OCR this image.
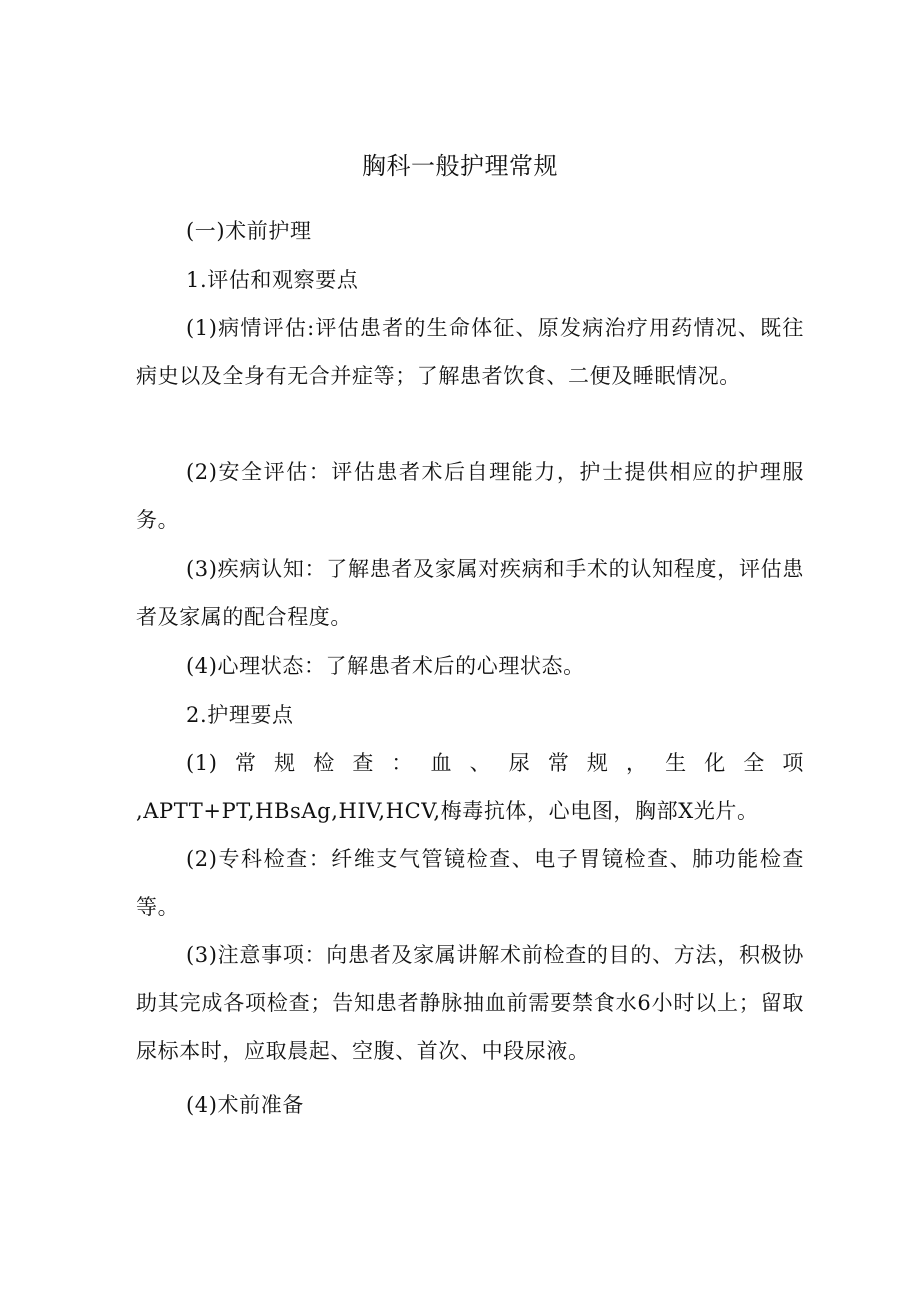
胸科一般护理常规

(一)术前护理

1.评估和观察要点

(1)病情评估:评估患者的生命体征、原发病治疗用药情况、既往病史以及全身有无合并症等；了解患者饮食、二便及睡眠情况。

(2)安全评估：评估患者术后自理能力，护士提供相应的护理服务。

(3)疾病认知：了解患者及家属对疾病和手术的认知程度，评估患者及家属的配合程度。

(4)心理状态：了解患者术后的心理状态。

2.护理要点

(1)常规检查：血、尿常规，生化全项
,APTT+PT,HBsAg,HIV,HCV,梅毒抗体，心电图，胸部X光片。

(2)专科检查：纤维支气管镜检查、电子胃镜检查、肺功能检查等。

(3)注意事项：向患者及家属讲解术前检查的目的、方法，积极协助其完成各项检查；告知患者静脉抽血前需要禁食水6小时以上；留取尿标本时，应取晨起、空腹、首次、中段尿液。

(4)术前准备
